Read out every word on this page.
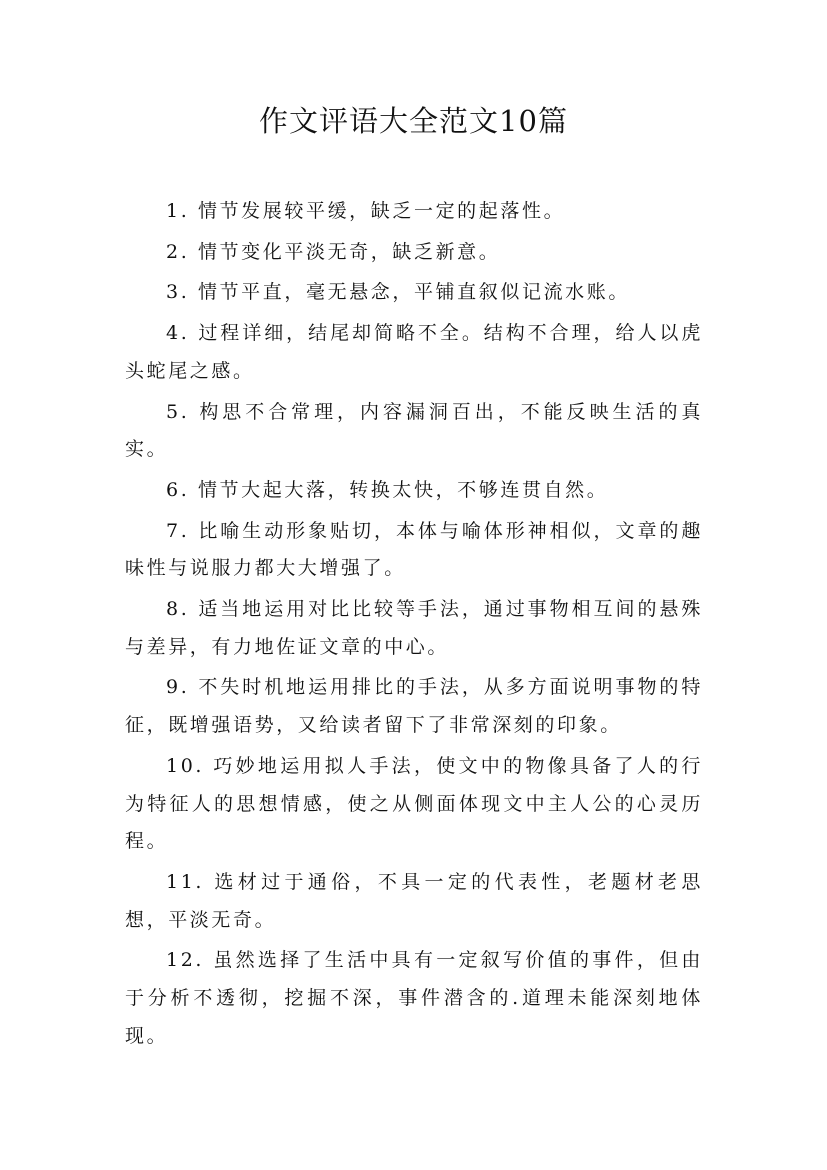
作文评语大全范文10篇

1. 情节发展较平缓，缺乏一定的起落性。

2. 情节变化平淡无奇，缺乏新意。

3. 情节平直，毫无悬念，平铺直叙似记流水账。

4. 过程详细，结尾却简略不全。结构不合理，给人以虎头蛇尾之感。

5. 构思不合常理，内容漏洞百出，不能反映生活的真实。

6. 情节大起大落，转换太快，不够连贯自然。

7. 比喻生动形象贴切，本体与喻体形神相似，文章的趣味性与说服力都大大增强了。

8. 适当地运用对比比较等手法，通过事物相互间的悬殊与差异，有力地佐证文章的中心。

9. 不失时机地运用排比的手法，从多方面说明事物的特征，既增强语势，又给读者留下了非常深刻的印象。

10. 巧妙地运用拟人手法，使文中的物像具备了人的行为特征人的思想情感，使之从侧面体现文中主人公的心灵历程。

11. 选材过于通俗，不具一定的代表性，老题材老思想，平淡无奇。

12. 虽然选择了生活中具有一定叙写价值的事件，但由于分析不透彻，挖掘不深，事件潜含的.道理未能深刻地体现。
